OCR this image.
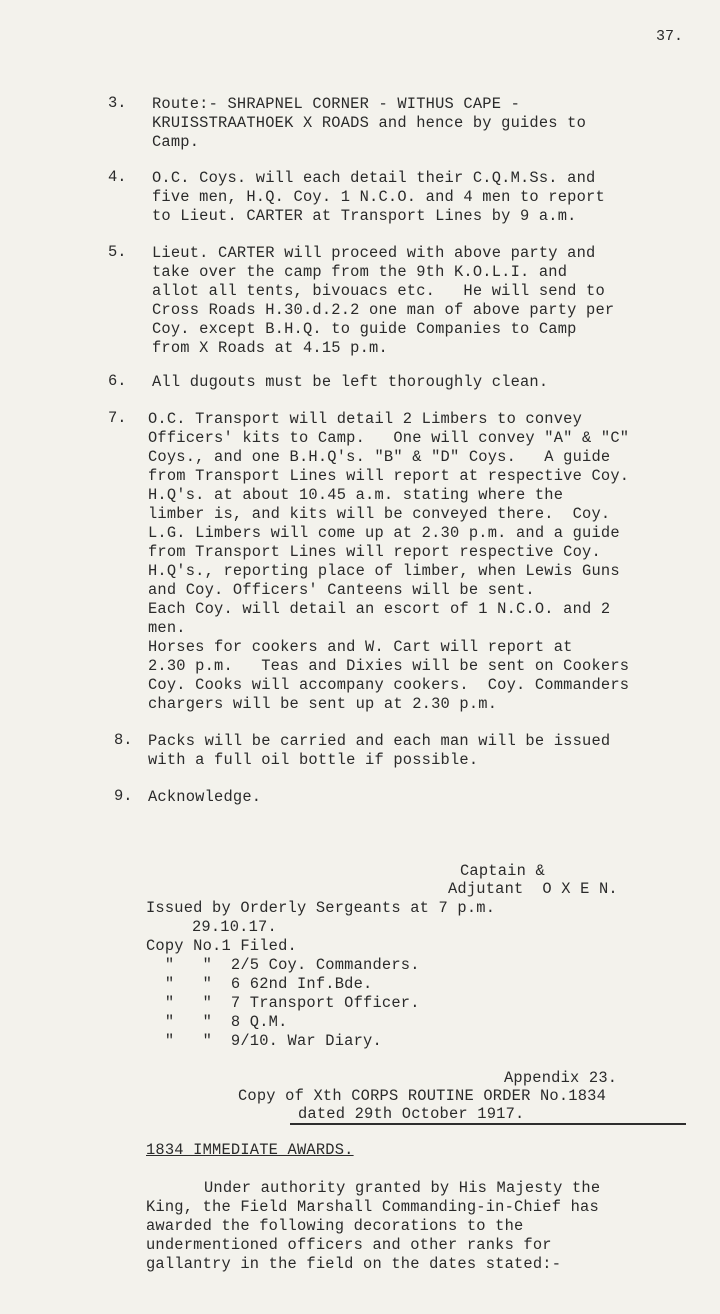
37.
3. Route:- SHRAPNEL CORNER - WITHUS CAPE -
KRUISSTRAATHOEK X ROADS and hence by guides to
Camp.
4. O.C. Coys. will each detail their C.Q.M.Ss. and
five men, H.Q. Coy. 1 N.C.O. and 4 men to report
to Lieut. CARTER at Transport Lines by 9 a.m.
5. Lieut. CARTER will proceed with above party and
take over the camp from the 9th K.O.L.I. and
allot all tents, bivouacs etc.   He will send to
Cross Roads H.30.d.2.2 one man of above party per
Coy. except B.H.Q. to guide Companies to Camp
from X Roads at 4.15 p.m.
6. All dugouts must be left thoroughly clean.
7. O.C. Transport will detail 2 Limbers to convey
Officers' kits to Camp.   One will convey "A" & "C"
Coys., and one B.H.Q's. "B" & "D" Coys.   A guide
from Transport Lines will report at respective Coy.
H.Q's. at about 10.45 a.m. stating where the
limber is, and kits will be conveyed there.  Coy.
L.G. Limbers will come up at 2.30 p.m. and a guide
from Transport Lines will report respective Coy.
H.Q's., reporting place of limber, when Lewis Guns
and Coy. Officers' Canteens will be sent.
Each Coy. will detail an escort of 1 N.C.O. and 2
men.
Horses for cookers and W. Cart will report at
2.30 p.m.   Teas and Dixies will be sent on Cookers
Coy. Cooks will accompany cookers.  Coy. Commanders
chargers will be sent up at 2.30 p.m.
8. Packs will be carried and each man will be issued
with a full oil bottle if possible.
9. Acknowledge.
Captain &
Adjutant  O X E N.
Issued by Orderly Sergeants at 7 p.m.
29.10.17.
Copy No.1 Filed.
"   "  2/5 Coy. Commanders.
"   "  6 62nd Inf.Bde.
"   "  7 Transport Officer.
"   "  8 Q.M.
"   "  9/10. War Diary.
Appendix 23.
Copy of Xth CORPS ROUTINE ORDER No.1834
dated 29th October 1917.
1834 IMMEDIATE AWARDS.
Under authority granted by His Majesty the
King, the Field Marshall Commanding-in-Chief has
awarded the following decorations to the
undermentioned officers and other ranks for
gallantry in the field on the dates stated:-
